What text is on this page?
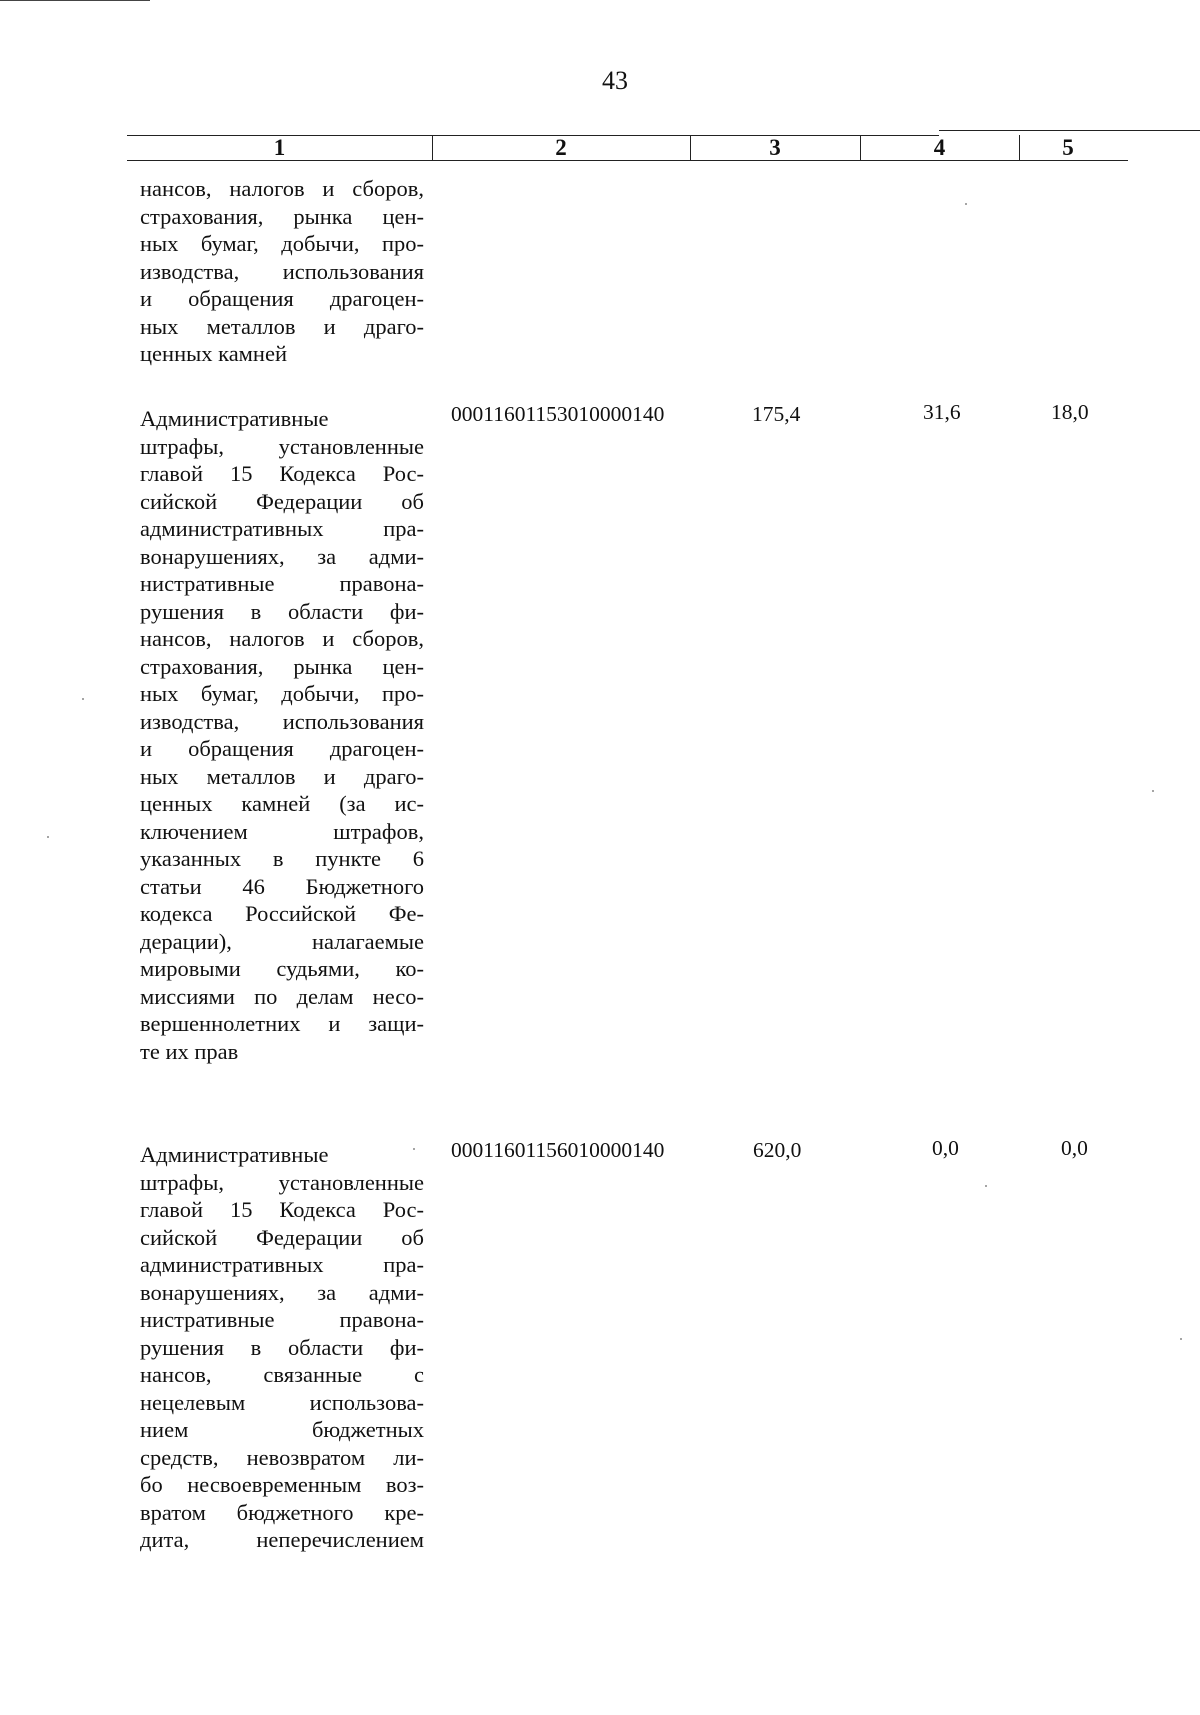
43
1	2	3	4	5
нансов, налогов и сборов,
страхования, рынка цен-
ных бумаг, добычи, про-
изводства, использования
и обращения драгоцен-
ных металлов и драго-
ценных камней
Административные
штрафы, установленные
главой 15 Кодекса Рос-
сийской Федерации об
административных пра-
вонарушениях, за адми-
нистративные правона-
рушения в области фи-
нансов, налогов и сборов,
страхования, рынка цен-
ных бумаг, добычи, про-
изводства, использования
и обращения драгоцен-
ных металлов и драго-
ценных камней (за ис-
ключением штрафов,
указанных в пункте 6
статьи 46 Бюджетного
кодекса Российской Фе-
дерации), налагаемые
мировыми судьями, ко-
миссиями по делам несо-
вершеннолетних и защи-
те их прав
00011601153010000140	175,4	31,6	18,0
Административные
штрафы, установленные
главой 15 Кодекса Рос-
сийской Федерации об
административных пра-
вонарушениях, за адми-
нистративные правона-
рушения в области фи-
нансов, связанные с
нецелевым использова-
нием бюджетных
средств, невозвратом ли-
бо несвоевременным воз-
вратом бюджетного кре-
дита, неперечислением
00011601156010000140	620,0	0,0	0,0
